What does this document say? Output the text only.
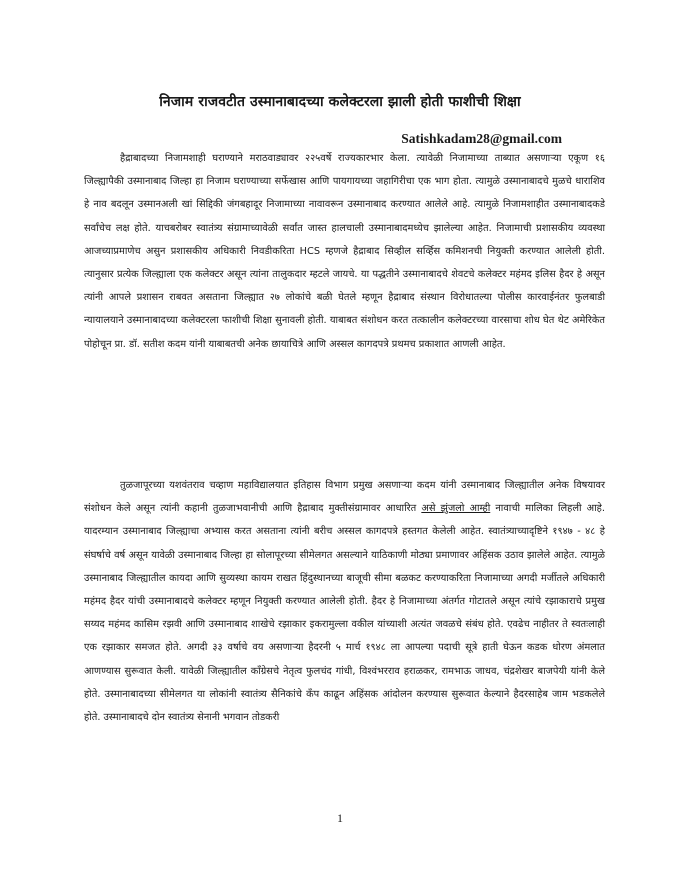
निजाम राजवटीत उस्मानाबादच्या कलेक्टरला झाली होती फाशीची शिक्षा
Satishkadam28@gmail.com

हैद्राबादच्या निजामशाही घराण्याने मराठवाड्यावर २२५वर्षे राज्यकारभार केला. त्यावेळी निजामाच्या ताब्यात असणाऱ्या एकूण १६ जिल्ह्यापैकी उस्मानाबाद जिल्हा हा निजाम घराण्याच्या सर्फेखास आणि पायगायच्या जहागिरीचा एक भाग होता. त्यामुळे उस्मानाबादचे मुळचे धाराशिव हे नाव बदलून उस्मानअली खां सिद्दिकी जंगबहादूर निजामाच्या नावावरून उस्मानाबाद करण्यात आलेले आहे. त्यामुळे निजामशाहीत उस्मानाबादकडे सर्वांचेच लक्ष होते. याचबरोबर स्वातंत्र्य संग्रामाच्यावेळी सर्वांत जास्त हालचाली उस्मानाबादमध्येच झालेल्या आहेत. निजामाची प्रशासकीय व्यवस्था आजच्याप्रमाणेच असुन प्रशासकीय अधिकारी निवडीकरिता HCS म्हणजे हैद्राबाद सिव्हील सर्व्हिस कमिशनची नियुक्ती करण्यात आलेली होती. त्यानुसार प्रत्येक जिल्ह्याला एक कलेक्टर असून त्यांना तालुकदार म्हटले जायचे. या पद्धतीने उस्मानाबादचे शेवटचे कलेक्टर महंमद इलिस हैदर हे असून त्यांनी आपले प्रशासन राबवत असताना जिल्ह्यात २७ लोकांचे बळी घेतले म्हणून हैद्राबाद संस्थान विरोधातल्या पोलीस कारवाईनंतर फुलबाडी न्यायालयाने उस्मानाबादच्या कलेक्टरला फाशीची शिक्षा सुनावली होती. याबाबत संशोधन करत तत्कालीन कलेक्टरच्या वारसाचा शोध घेत थेट अमेरिकेत पोहोचून प्रा. डॉ. सतीश कदम यांनी याबाबतची अनेक छायाचित्रे आणि अस्सल कागदपत्रे प्रथमच प्रकाशात आणली आहेत.

तुळजापूरच्या यशवंतराव चव्हाण महाविद्यालयात इतिहास विभाग प्रमुख असणाऱ्या कदम यांनी उस्मानाबाद जिल्ह्यातील अनेक विषयावर संशोधन केले असून त्यांनी कहानी तुळजाभवानीची आणि हैद्राबाद मुक्तीसंग्रामावर आधारित असे झुंजलो आम्ही नावाची मालिका लिहली आहे. यादरम्यान उस्मानाबाद जिल्ह्याचा अभ्यास करत असताना त्यांनी बरीच अस्सल कागदपत्रे हस्तगत केलेली आहेत. स्वातंत्र्याच्यादृष्टिने १९४७ - ४८ हे संघर्षाचे वर्ष असून यावेळी उस्मानाबाद जिल्हा हा सोलापूरच्या सीमेलगत असल्याने याठिकाणी मोठ्या प्रमाणावर अहिंसक उठाव झालेले आहेत. त्यामुळे उस्मानाबाद जिल्ह्यातील कायदा आणि सुव्यस्था कायम राखत हिंदुस्थानच्या बाजूची सीमा बळकट करण्याकरिता निजामाच्या अगदी मर्जीतले अधिकारी महंमद हैदर यांची उस्मानाबादचे कलेक्टर म्हणून नियुक्ती करण्यात आलेली होती. हैदर हे निजामाच्या अंतर्गत गोटातले असून त्यांचे रझाकाराचे प्रमुख सय्यद महंमद कासिम रझवी आणि उस्मानाबाद शाखेचे रझाकार इकरामुल्ला वकील यांच्याशी अत्यंत जवळचे संबंध होते. एवढेच नाहीतर ते स्वतःलाही एक रझाकार समजत होते. अगदी ३३ वर्षाचे वय असणाऱ्या हैदरनी ५ मार्च १९४८ ला आपल्या पदाची सूत्रे हाती घेऊन कडक धोरण अंमलात आणण्यास सुरूवात केली. यावेळी जिल्ह्यातील कॉंग्रेसचे नेतृत्व फुलचंद गांधी, विश्वंभरराव हराळकर, रामभाऊ जाधव, चंद्रशेखर बाजपेयी यांनी केले होते. उस्मानाबादच्या सीमेलगत या लोकांनी स्वातंत्र्य सैनिकांचे कॅंप काढून अहिंसक आंदोलन करण्यास सुरूवात केल्याने हैदरसाहेब जाम भडकलेले होते. उस्मानाबादचे दोन स्वातंत्र्य सेनानी भगवान तोडकरी

1
